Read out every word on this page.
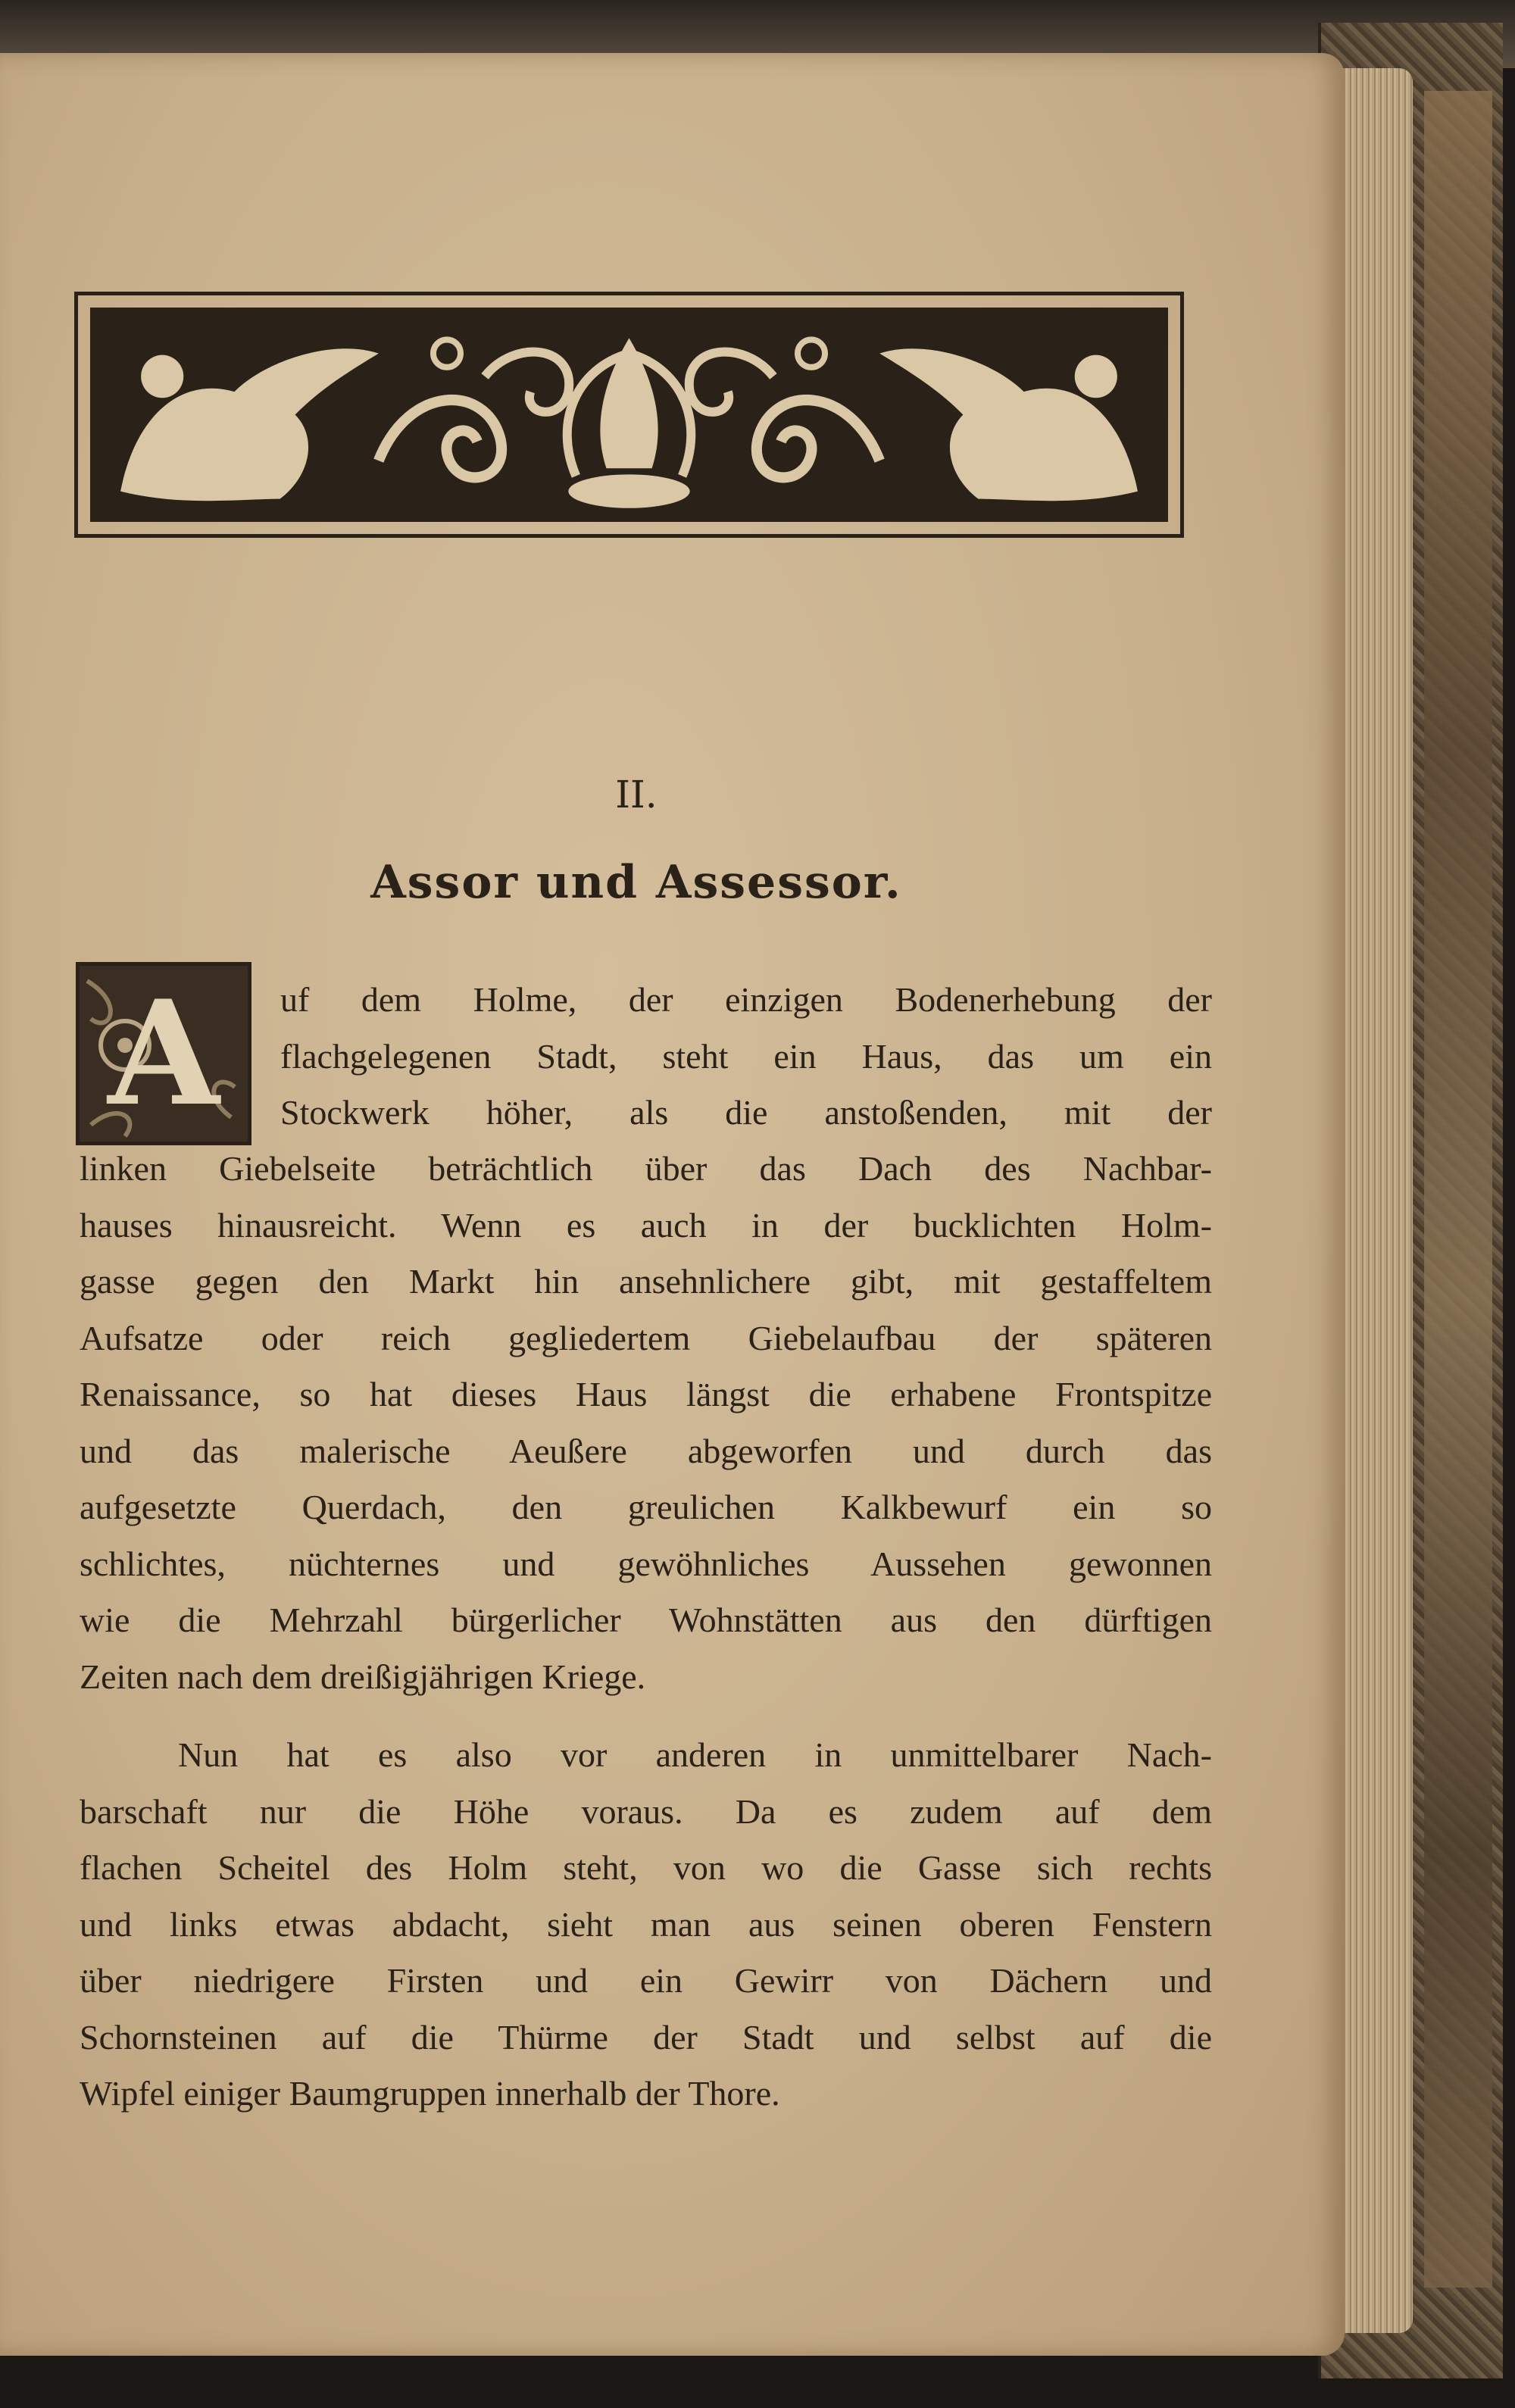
II.
Assor und Assessor.
A	uf dem Holme, der einzigen Bodenerhebung der
flachgelegenen Stadt, steht ein Haus, das um ein
Stockwerk höher, als die anstoßenden, mit der
linken Giebelseite beträchtlich über das Dach des Nachbar-
hauses hinausreicht. Wenn es auch in der bucklichten Holm-
gasse gegen den Markt hin ansehnlichere gibt, mit gestaffeltem
Aufsatze oder reich gegliedertem Giebelaufbau der späteren
Renaissance, so hat dieses Haus längst die erhabene Frontspitze
und das malerische Aeußere abgeworfen und durch das
aufgesetzte Querdach, den greulichen Kalkbewurf ein so
schlichtes, nüchternes und gewöhnliches Aussehen gewonnen
wie die Mehrzahl bürgerlicher Wohnstätten aus den dürftigen
Zeiten nach dem dreißigjährigen Kriege.
Nun hat es also vor anderen in unmittelbarer Nach-
barschaft nur die Höhe voraus. Da es zudem auf dem
flachen Scheitel des Holm steht, von wo die Gasse sich rechts
und links etwas abdacht, sieht man aus seinen oberen Fenstern
über niedrigere Firsten und ein Gewirr von Dächern und
Schornsteinen auf die Thürme der Stadt und selbst auf die
Wipfel einiger Baumgruppen innerhalb der Thore.
